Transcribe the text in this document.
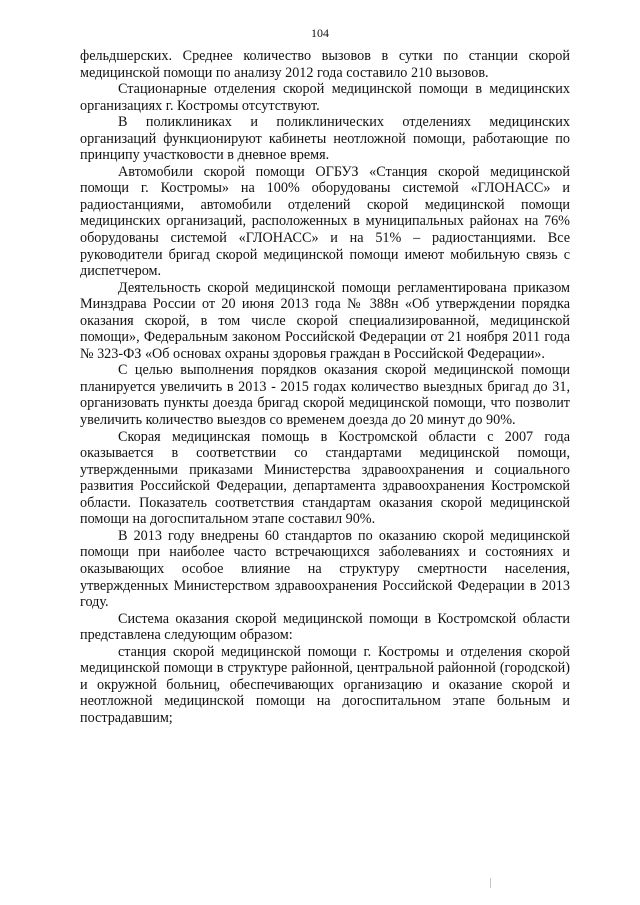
104

фельдшерских. Среднее количество вызовов в сутки по станции скорой медицинской помощи по анализу 2012 года составило 210 вызовов.

Стационарные отделения скорой медицинской помощи в медицинских организациях г. Костромы отсутствуют.

В поликлиниках и поликлинических отделениях медицинских организаций функционируют кабинеты неотложной помощи, работающие по принципу участковости в дневное время.

Автомобили скорой помощи ОГБУЗ «Станция скорой медицинской помощи г. Костромы» на 100% оборудованы системой «ГЛОНАСС» и радиостанциями, автомобили отделений скорой медицинской помощи медицинских организаций, расположенных в муниципальных районах на 76% оборудованы системой «ГЛОНАСС» и на 51% – радиостанциями. Все руководители бригад скорой медицинской помощи имеют мобильную связь с диспетчером.

Деятельность скорой медицинской помощи регламентирована приказом Минздрава России от 20 июня 2013 года № 388н «Об утверждении порядка оказания скорой, в том числе скорой специализированной, медицинской помощи», Федеральным законом Российской Федерации от 21 ноября 2011 года № 323-ФЗ «Об основах охраны здоровья граждан в Российской Федерации».

С целью выполнения порядков оказания скорой медицинской помощи планируется увеличить в 2013 - 2015 годах количество выездных бригад до 31, организовать пункты доезда бригад скорой медицинской помощи, что позволит увеличить количество выездов со временем доезда до 20 минут до 90%.

Скорая медицинская помощь в Костромской области с 2007 года оказывается в соответствии со стандартами медицинской помощи, утвержденными приказами Министерства здравоохранения и социального развития Российской Федерации, департамента здравоохранения Костромской области. Показатель соответствия стандартам оказания скорой медицинской помощи на догоспитальном этапе составил 90%.

В 2013 году внедрены 60 стандартов по оказанию скорой медицинской помощи при наиболее часто встречающихся заболеваниях и состояниях и оказывающих особое влияние на структуру смертности населения, утвержденных Министерством здравоохранения Российской Федерации в 2013 году.

Система оказания скорой медицинской помощи в Костромской области представлена следующим образом:

станция скорой медицинской помощи г. Костромы и отделения скорой медицинской помощи в структуре районной, центральной районной (городской) и окружной больниц, обеспечивающих организацию и оказание скорой и неотложной медицинской помощи на догоспитальном этапе больным и пострадавшим;
